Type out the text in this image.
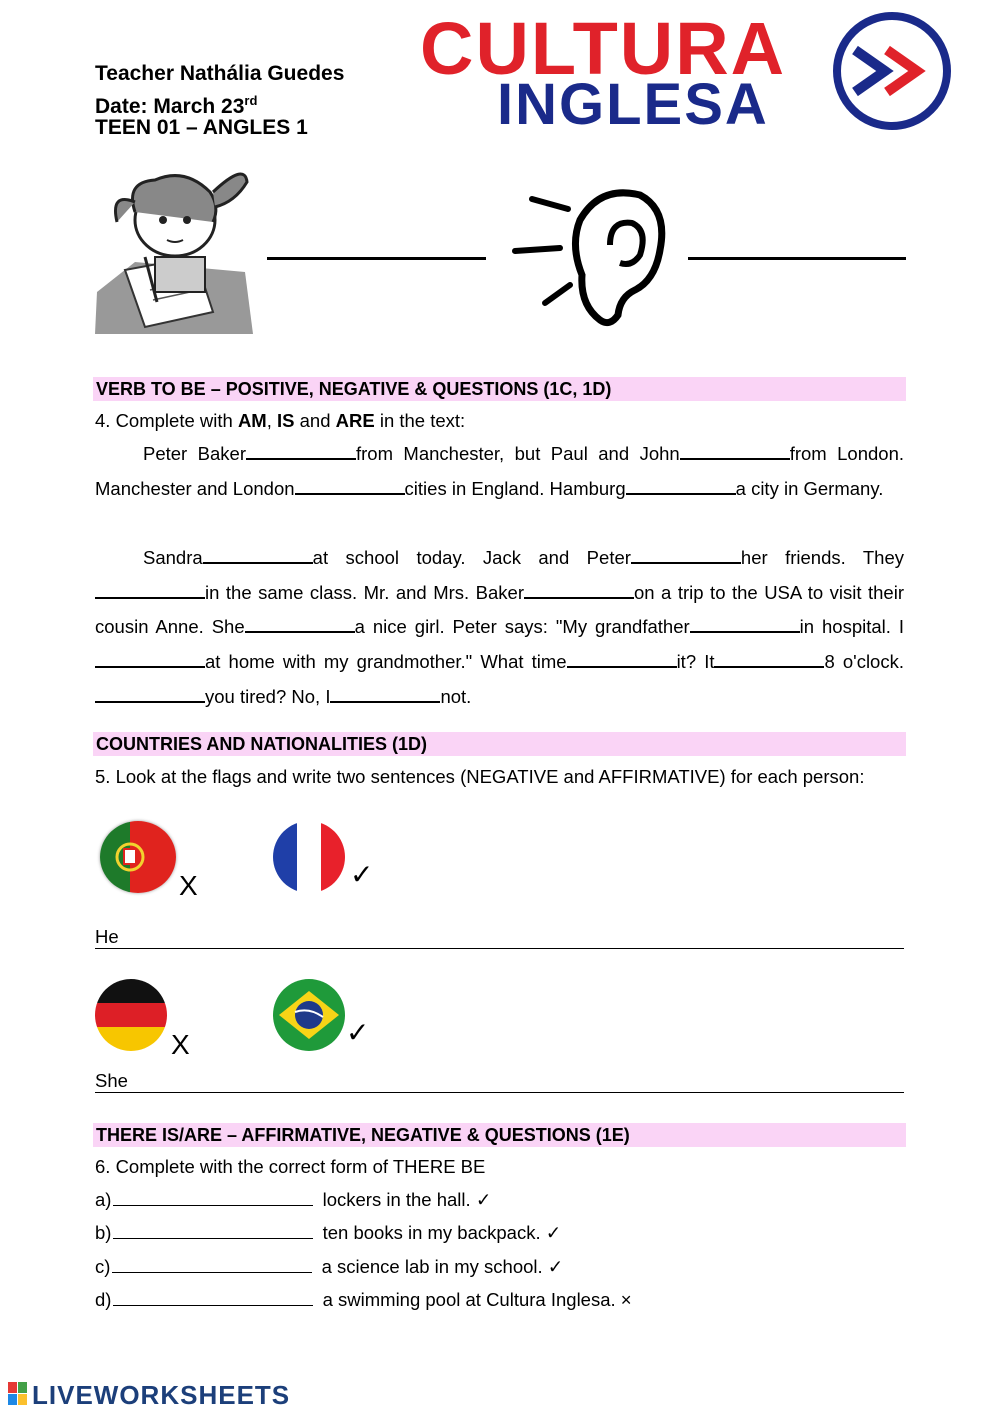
Teacher Nathália Guedes
Date: March 23rd
TEEN 01 – ANGLES 1
CULTURA
INGLESA
VERB TO BE – POSITIVE, NEGATIVE & QUESTIONS (1C, 1D)
4. Complete with AM, IS and ARE in the text:
Peter Baker	from Manchester, but Paul and John	from London. Manchester and London	cities in England. Hamburg	a city in Germany.
Sandra	at school today. Jack and Peter	her friends. Theyin the same class. Mr. and Mrs. Baker	on a trip to the USA to visit their cousin Anne. She	a nice girl. Peter says: "My grandfather	in hospital. Iat home with my grandmother." What time	it? It	8 o'clock. you tired? No, I	not.
COUNTRIES AND NATIONALITIES (1D)
5. Look at the flags and write two sentences (NEGATIVE and AFFIRMATIVE) for each person:
X	✓
He
X	✓
She
THERE IS/ARE – AFFIRMATIVE, NEGATIVE & QUESTIONS (1E)
6. Complete with the correct form of THERE BE
a)	lockers in the hall. ✓
b)	ten books in my backpack. ✓
c)	a science lab in my school. ✓
d)	a swimming pool at Cultura Inglesa. ×
LIVEWORKSHEETS
